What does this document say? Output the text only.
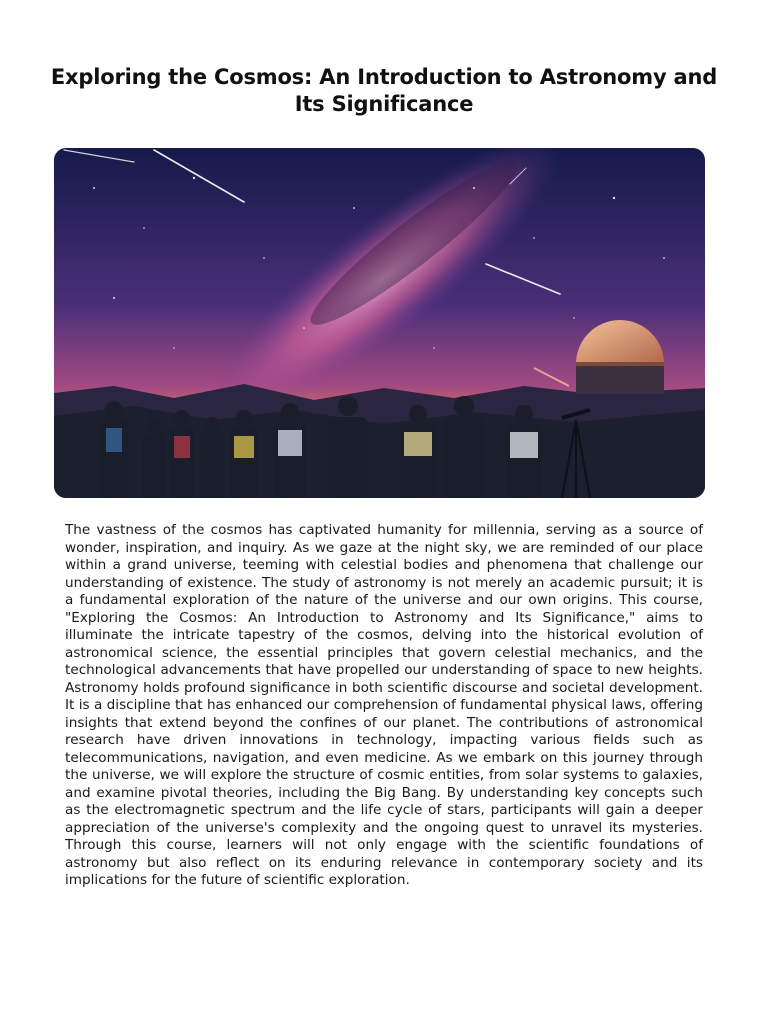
Exploring the Cosmos: An Introduction to Astronomy and Its Significance

The vastness of the cosmos has captivated humanity for millennia, serving as a source of wonder, inspiration, and inquiry. As we gaze at the night sky, we are reminded of our place within a grand universe, teeming with celestial bodies and phenomena that challenge our understanding of existence. The study of astronomy is not merely an academic pursuit; it is a fundamental exploration of the nature of the universe and our own origins. This course, "Exploring the Cosmos: An Introduction to Astronomy and Its Significance," aims to illuminate the intricate tapestry of the cosmos, delving into the historical evolution of astronomical science, the essential principles that govern celestial mechanics, and the technological advancements that have propelled our understanding of space to new heights. Astronomy holds profound significance in both scientific discourse and societal development. It is a discipline that has enhanced our comprehension of fundamental physical laws, offering insights that extend beyond the confines of our planet. The contributions of astronomical research have driven innovations in technology, impacting various fields such as telecommunications, navigation, and even medicine. As we embark on this journey through the universe, we will explore the structure of cosmic entities, from solar systems to galaxies, and examine pivotal theories, including the Big Bang. By understanding key concepts such as the electromagnetic spectrum and the life cycle of stars, participants will gain a deeper appreciation of the universe's complexity and the ongoing quest to unravel its mysteries. Through this course, learners will not only engage with the scientific foundations of astronomy but also reflect on its enduring relevance in contemporary society and its implications for the future of scientific exploration.
